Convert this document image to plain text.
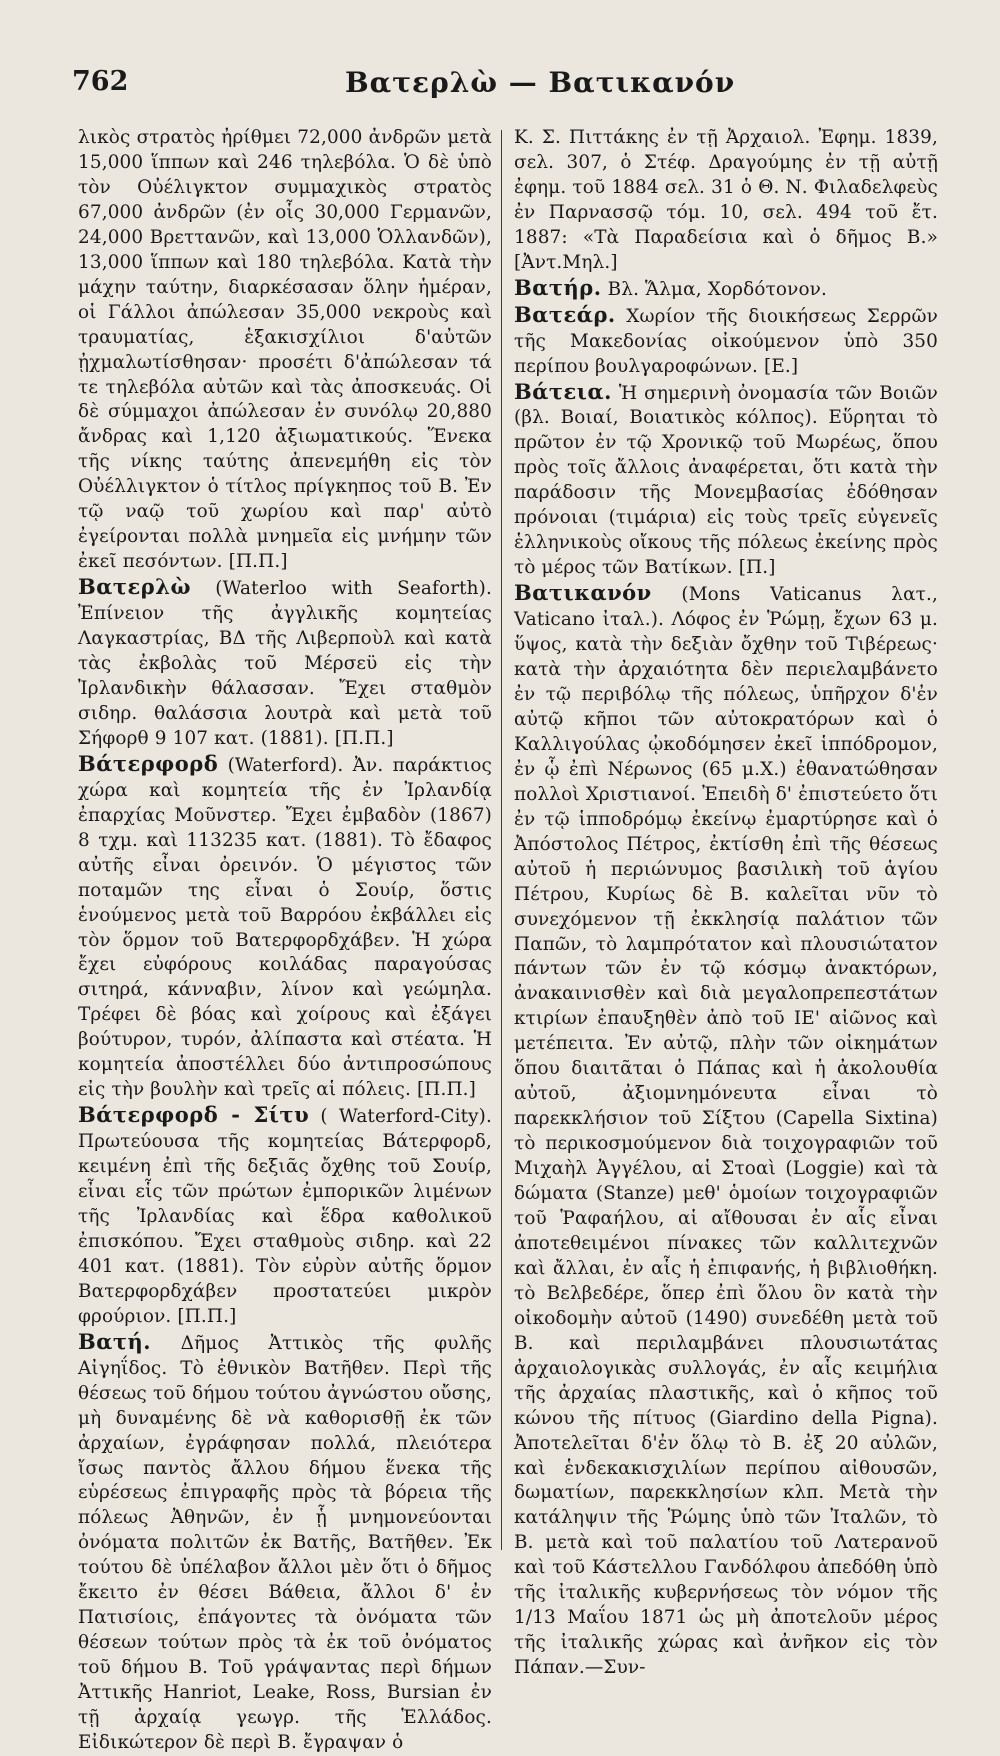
762	Βατερλὼ — Βατικανόν

λικὸς στρατὸς ἠρίθμει 72,000 ἀνδρῶν μετὰ 15,000 ἵππων καὶ 246 τηλεβόλα. Ὁ δὲ ὑπὸ τὸν Οὐέλιγκτον συμμαχικὸς στρατὸς 67,000 ἀνδρῶν (ἐν οἷς 30,000 Γερμανῶν, 24,000 Βρεττανῶν, καὶ 13,000 Ὁλλανδῶν), 13,000 ἵππων καὶ 180 τηλεβόλα. Κατὰ τὴν μάχην ταύτην, διαρκέσασαν ὅλην ἡμέραν, οἱ Γάλλοι ἀπώλεσαν 35,000 νεκροὺς καὶ τραυματίας, ἑξακισχίλιοι δ'αὐτῶν ᾐχμαλωτίσθησαν· προσέτι δ'ἀπώλεσαν τά τε τηλεβόλα αὐτῶν καὶ τὰς ἀποσκευάς. Οἱ δὲ σύμμαχοι ἀπώλεσαν ἐν συνόλῳ 20,880 ἄνδρας καὶ 1,120 ἀξιωματικούς. Ἕνεκα τῆς νίκης ταύτης ἀπενεμήθη εἰς τὸν Οὐέλλιγκτον ὁ τίτλος πρίγκηπος τοῦ Β. Ἐν τῷ ναῷ τοῦ χωρίου καὶ παρ' αὐτὸ ἐγείρονται πολλὰ μνημεῖα εἰς μνήμην τῶν ἐκεῖ πεσόντων. [Π.Π.]

Βατερλὼ (Waterloo with Seaforth). Ἐπίνειον τῆς ἀγγλικῆς κομητείας Λαγκαστρίας, ΒΔ τῆς Λιβερποὺλ καὶ κατὰ τὰς ἐκβολὰς τοῦ Μέρσεϋ εἰς τὴν Ἰρλανδικὴν θάλασσαν. Ἔχει σταθμὸν σιδηρ. θαλάσσια λουτρὰ καὶ μετὰ τοῦ Σήφορθ 9 107 κατ. (1881). [Π.Π.]

Βάτερφορδ (Waterford). Ἀν. παράκτιος χώρα καὶ κομητεία τῆς ἐν Ἰρλανδίᾳ ἐπαρχίας Μοῦνστερ. Ἔχει ἐμβαδὸν (1867) 8 τχμ. καὶ 113235 κατ. (1881). Τὸ ἔδαφος αὐτῆς εἶναι ὀρεινόν. Ὁ μέγιστος τῶν ποταμῶν της εἶναι ὁ Σουίρ, ὅστις ἑνούμενος μετὰ τοῦ Βαρρόου ἐκβάλλει εἰς τὸν ὅρμον τοῦ Βατερφορδχάβεν. Ἡ χώρα ἔχει εὐφόρους κοιλάδας παραγούσας σιτηρά, κάνναβιν, λίνον καὶ γεώμηλα. Τρέφει δὲ βόας καὶ χοίρους καὶ ἐξάγει βούτυρον, τυρόν, ἀλίπαστα καὶ στέατα. Ἡ κομητεία ἀποστέλλει δύο ἀντιπροσώπους εἰς τὴν βουλὴν καὶ τρεῖς αἱ πόλεις. [Π.Π.]

Βάτερφορδ - Σίτυ ( Waterford-City). Πρωτεύουσα τῆς κομητείας Βάτερφορδ, κειμένη ἐπὶ τῆς δεξιᾶς ὄχθης τοῦ Σουίρ, εἶναι εἷς τῶν πρώτων ἐμπορικῶν λιμένων τῆς Ἰρλανδίας καὶ ἕδρα καθολικοῦ ἐπισκόπου. Ἔχει σταθμοὺς σιδηρ. καὶ 22 401 κατ. (1881). Τὸν εὐρὺν αὐτῆς ὅρμον Βατερφορδχάβεν προστατεύει μικρὸν φρούριον. [Π.Π.]

Βατή. Δῆμος Ἀττικὸς τῆς φυλῆς Αἰγηΐδος. Τὸ ἐθνικὸν Βατῆθεν. Περὶ τῆς θέσεως τοῦ δήμου τούτου ἀγνώστου οὔσης, μὴ δυναμένης δὲ νὰ καθορισθῇ ἐκ τῶν ἀρχαίων, ἐγράφησαν πολλά, πλειότερα ἴσως παντὸς ἄλλου δήμου ἕνεκα τῆς εὑρέσεως ἐπιγραφῆς πρὸς τὰ βόρεια τῆς πόλεως Ἀθηνῶν, ἐν ᾗ μνημονεύονται ὀνόματα πολιτῶν ἐκ Βατῆς, Βατῆθεν. Ἐκ τούτου δὲ ὑπέλαβον ἄλλοι μὲν ὅτι ὁ δῆμος ἔκειτο ἐν θέσει Βάθεια, ἄλλοι δ' ἐν Πατισίοις, ἐπάγοντες τὰ ὀνόματα τῶν θέσεων τούτων πρὸς τὰ ἐκ τοῦ ὀνόματος τοῦ δήμου Β. Τοῦ γράψαντας περὶ δήμων Ἀττικῆς Hanriot, Leake, Ross, Bursian ἐν τῇ ἀρχαίᾳ γεωγρ. τῆς Ἑλλάδος. Εἰδικώτερον δὲ περὶ Β. ἔγραψαν ὁ

Κ. Σ. Πιττάκης ἐν τῇ Ἀρχαιολ. Ἐφημ. 1839, σελ. 307, ὁ Στέφ. Δραγούμης ἐν τῇ αὐτῇ ἐφημ. τοῦ 1884 σελ. 31 ὁ Θ. Ν. Φιλαδελφεὺς ἐν Παρνασσῷ τόμ. 10, σελ. 494 τοῦ ἔτ. 1887: «Τὰ Παραδείσια καὶ ὁ δῆμος Β.» [Ἀντ.Μηλ.]

Βατήρ. Βλ. Ἅλμα, Χορδότονον.

Βατεάρ. Χωρίον τῆς διοικήσεως Σερρῶν τῆς Μακεδονίας οἰκούμενον ὑπὸ 350 περίπου βουλγαροφώνων. [Ε.]

Βάτεια. Ἡ σημερινὴ ὀνομασία τῶν Βοιῶν (βλ. Βοιαί, Βοιατικὸς κόλπος). Εὕρηται τὸ πρῶτον ἐν τῷ Χρονικῷ τοῦ Μωρέως, ὅπου πρὸς τοῖς ἄλλοις ἀναφέρεται, ὅτι κατὰ τὴν παράδοσιν τῆς Μονεμβασίας ἐδόθησαν πρόνοιαι (τιμάρια) εἰς τοὺς τρεῖς εὐγενεῖς ἑλληνικοὺς οἴκους τῆς πόλεως ἐκείνης πρὸς τὸ μέρος τῶν Βατίκων. [Π.]

Βατικανόν (Mons Vaticanus λατ., Vaticano ἰταλ.). Λόφος ἐν Ῥώμῃ, ἔχων 63 μ. ὕψος, κατὰ τὴν δεξιὰν ὄχθην τοῦ Τιβέρεως· κατὰ τὴν ἀρχαιότητα δὲν περιελαμβάνετο ἐν τῷ περιβόλῳ τῆς πόλεως, ὑπῆρχον δ'ἐν αὐτῷ κῆποι τῶν αὐτοκρατόρων καὶ ὁ Καλλιγούλας ᾠκοδόμησεν ἐκεῖ ἱππόδρομον, ἐν ᾧ ἐπὶ Νέρωνος (65 μ.Χ.) ἐθανατώθησαν πολλοὶ Χριστιανοί. Ἐπειδὴ δ' ἐπιστεύετο ὅτι ἐν τῷ ἱπποδρόμῳ ἐκείνῳ ἐμαρτύρησε καὶ ὁ Ἀπόστολος Πέτρος, ἐκτίσθη ἐπὶ τῆς θέσεως αὐτοῦ ἡ περιώνυμος βασιλικὴ τοῦ ἁγίου Πέτρου, Κυρίως δὲ Β. καλεῖται νῦν τὸ συνεχόμενον τῇ ἐκκλησίᾳ παλάτιον τῶν Παπῶν, τὸ λαμπρότατον καὶ πλουσιώτατον πάντων τῶν ἐν τῷ κόσμῳ ἀνακτόρων, ἀνακαινισθὲν καὶ διὰ μεγαλοπρεπεστάτων κτιρίων ἐπαυξηθὲν ἀπὸ τοῦ ΙΕ' αἰῶνος καὶ μετέπειτα. Ἐν αὐτῷ, πλὴν τῶν οἰκημάτων ὅπου διαιτᾶται ὁ Πάπας καὶ ἡ ἀκολουθία αὐτοῦ, ἀξιομνημόνευτα εἶναι τὸ παρεκκλήσιον τοῦ Σίξτου (Capella Sixtina) τὸ περικοσμούμενον διὰ τοιχογραφιῶν τοῦ Μιχαὴλ Ἀγγέλου, αἱ Στοαὶ (Loggie) καὶ τὰ δώματα (Stanze) μεθ' ὁμοίων τοιχογραφιῶν τοῦ Ῥαφαήλου, αἱ αἴθουσαι ἐν αἷς εἶναι ἀποτεθειμένοι πίνακες τῶν καλλιτεχνῶν καὶ ἄλλαι, ἐν αἷς ἡ ἐπιφανής, ἡ βιβλιοθήκη. τὸ Βελβεδέρε, ὅπερ ἐπὶ ὅλου ὃν κατὰ τὴν οἰκοδομὴν αὐτοῦ (1490) συνεδέθη μετὰ τοῦ Β. καὶ περιλαμβάνει πλουσιωτάτας ἀρχαιολογικὰς συλλογάς, ἐν αἷς κειμήλια τῆς ἀρχαίας πλαστικῆς, καὶ ὁ κῆπος τοῦ κώνου τῆς πίτυος (Giardino della Pigna). Ἀποτελεῖται δ'ἐν ὅλῳ τὸ Β. ἐξ 20 αὐλῶν, καὶ ἑνδεκακισχιλίων περίπου αἰθουσῶν, δωματίων, παρεκκλησίων κλπ. Μετὰ τὴν κατάληψιν τῆς Ῥώμης ὑπὸ τῶν Ἰταλῶν, τὸ Β. μετὰ καὶ τοῦ παλατίου τοῦ Λατερανοῦ καὶ τοῦ Κάστελλου Γανδόλφου ἀπεδόθη ὑπὸ τῆς ἰταλικῆς κυβερνήσεως τὸν νόμον τῆς 1/13 Μαΐου 1871 ὡς μὴ ἀποτελοῦν μέρος τῆς ἰταλικῆς χώρας καὶ ἀνῆκον εἰς τὸν Πάπαν.—Συν-
